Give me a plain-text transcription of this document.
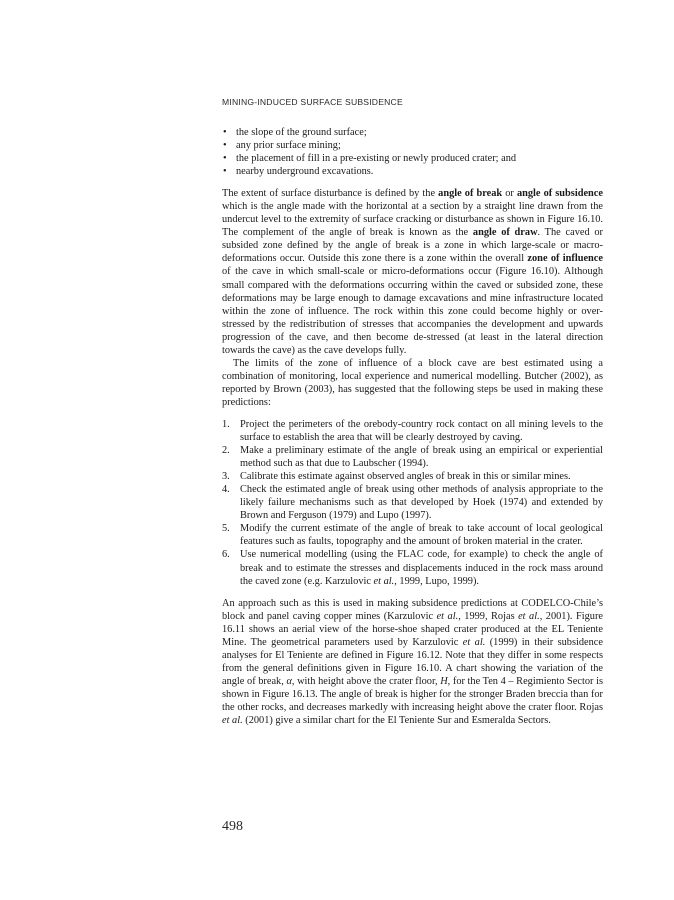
MINING-INDUCED SURFACE SUBSIDENCE
• the slope of the ground surface;
• any prior surface mining;
• the placement of fill in a pre-existing or newly produced crater; and
• nearby underground excavations.

The extent of surface disturbance is defined by the angle of break or angle of subsidence which is the angle made with the horizontal at a section by a straight line drawn from the undercut level to the extremity of surface cracking or disturbance as shown in Figure 16.10. The complement of the angle of break is known as the angle of draw. The caved or subsided zone defined by the angle of break is a zone in which large-scale or macro-deformations occur. Outside this zone there is a zone within the overall zone of influence of the cave in which small-scale or micro-deformations occur (Figure 16.10). Although small compared with the deformations occurring within the caved or subsided zone, these deformations may be large enough to damage excavations and mine infrastructure located within the zone of influence. The rock within this zone could become highly or over-stressed by the redistribution of stresses that accompanies the development and upwards progression of the cave, and then become de-stressed (at least in the lateral direction towards the cave) as the cave develops fully.

The limits of the zone of influence of a block cave are best estimated using a combination of monitoring, local experience and numerical modelling. Butcher (2002), as reported by Brown (2003), has suggested that the following steps be used in making these predictions:

1. Project the perimeters of the orebody-country rock contact on all mining levels to the surface to establish the area that will be clearly destroyed by caving.
2. Make a preliminary estimate of the angle of break using an empirical or experiential method such as that due to Laubscher (1994).
3. Calibrate this estimate against observed angles of break in this or similar mines.
4. Check the estimated angle of break using other methods of analysis appropriate to the likely failure mechanisms such as that developed by Hoek (1974) and extended by Brown and Ferguson (1979) and Lupo (1997).
5. Modify the current estimate of the angle of break to take account of local geological features such as faults, topography and the amount of broken material in the crater.
6. Use numerical modelling (using the FLAC code, for example) to check the angle of break and to estimate the stresses and displacements induced in the rock mass around the caved zone (e.g. Karzulovic et al., 1999, Lupo, 1999).

An approach such as this is used in making subsidence predictions at CODELCO-Chile’s block and panel caving copper mines (Karzulovic et al., 1999, Rojas et al., 2001). Figure 16.11 shows an aerial view of the horse-shoe shaped crater produced at the EL Teniente Mine. The geometrical parameters used by Karzulovic et al. (1999) in their subsidence analyses for El Teniente are defined in Figure 16.12. Note that they differ in some respects from the general definitions given in Figure 16.10. A chart showing the variation of the angle of break, α, with height above the crater floor, H, for the Ten 4 – Regimiento Sector is shown in Figure 16.13. The angle of break is higher for the stronger Braden breccia than for the other rocks, and decreases markedly with increasing height above the crater floor. Rojas et al. (2001) give a similar chart for the El Teniente Sur and Esmeralda Sectors.

498
